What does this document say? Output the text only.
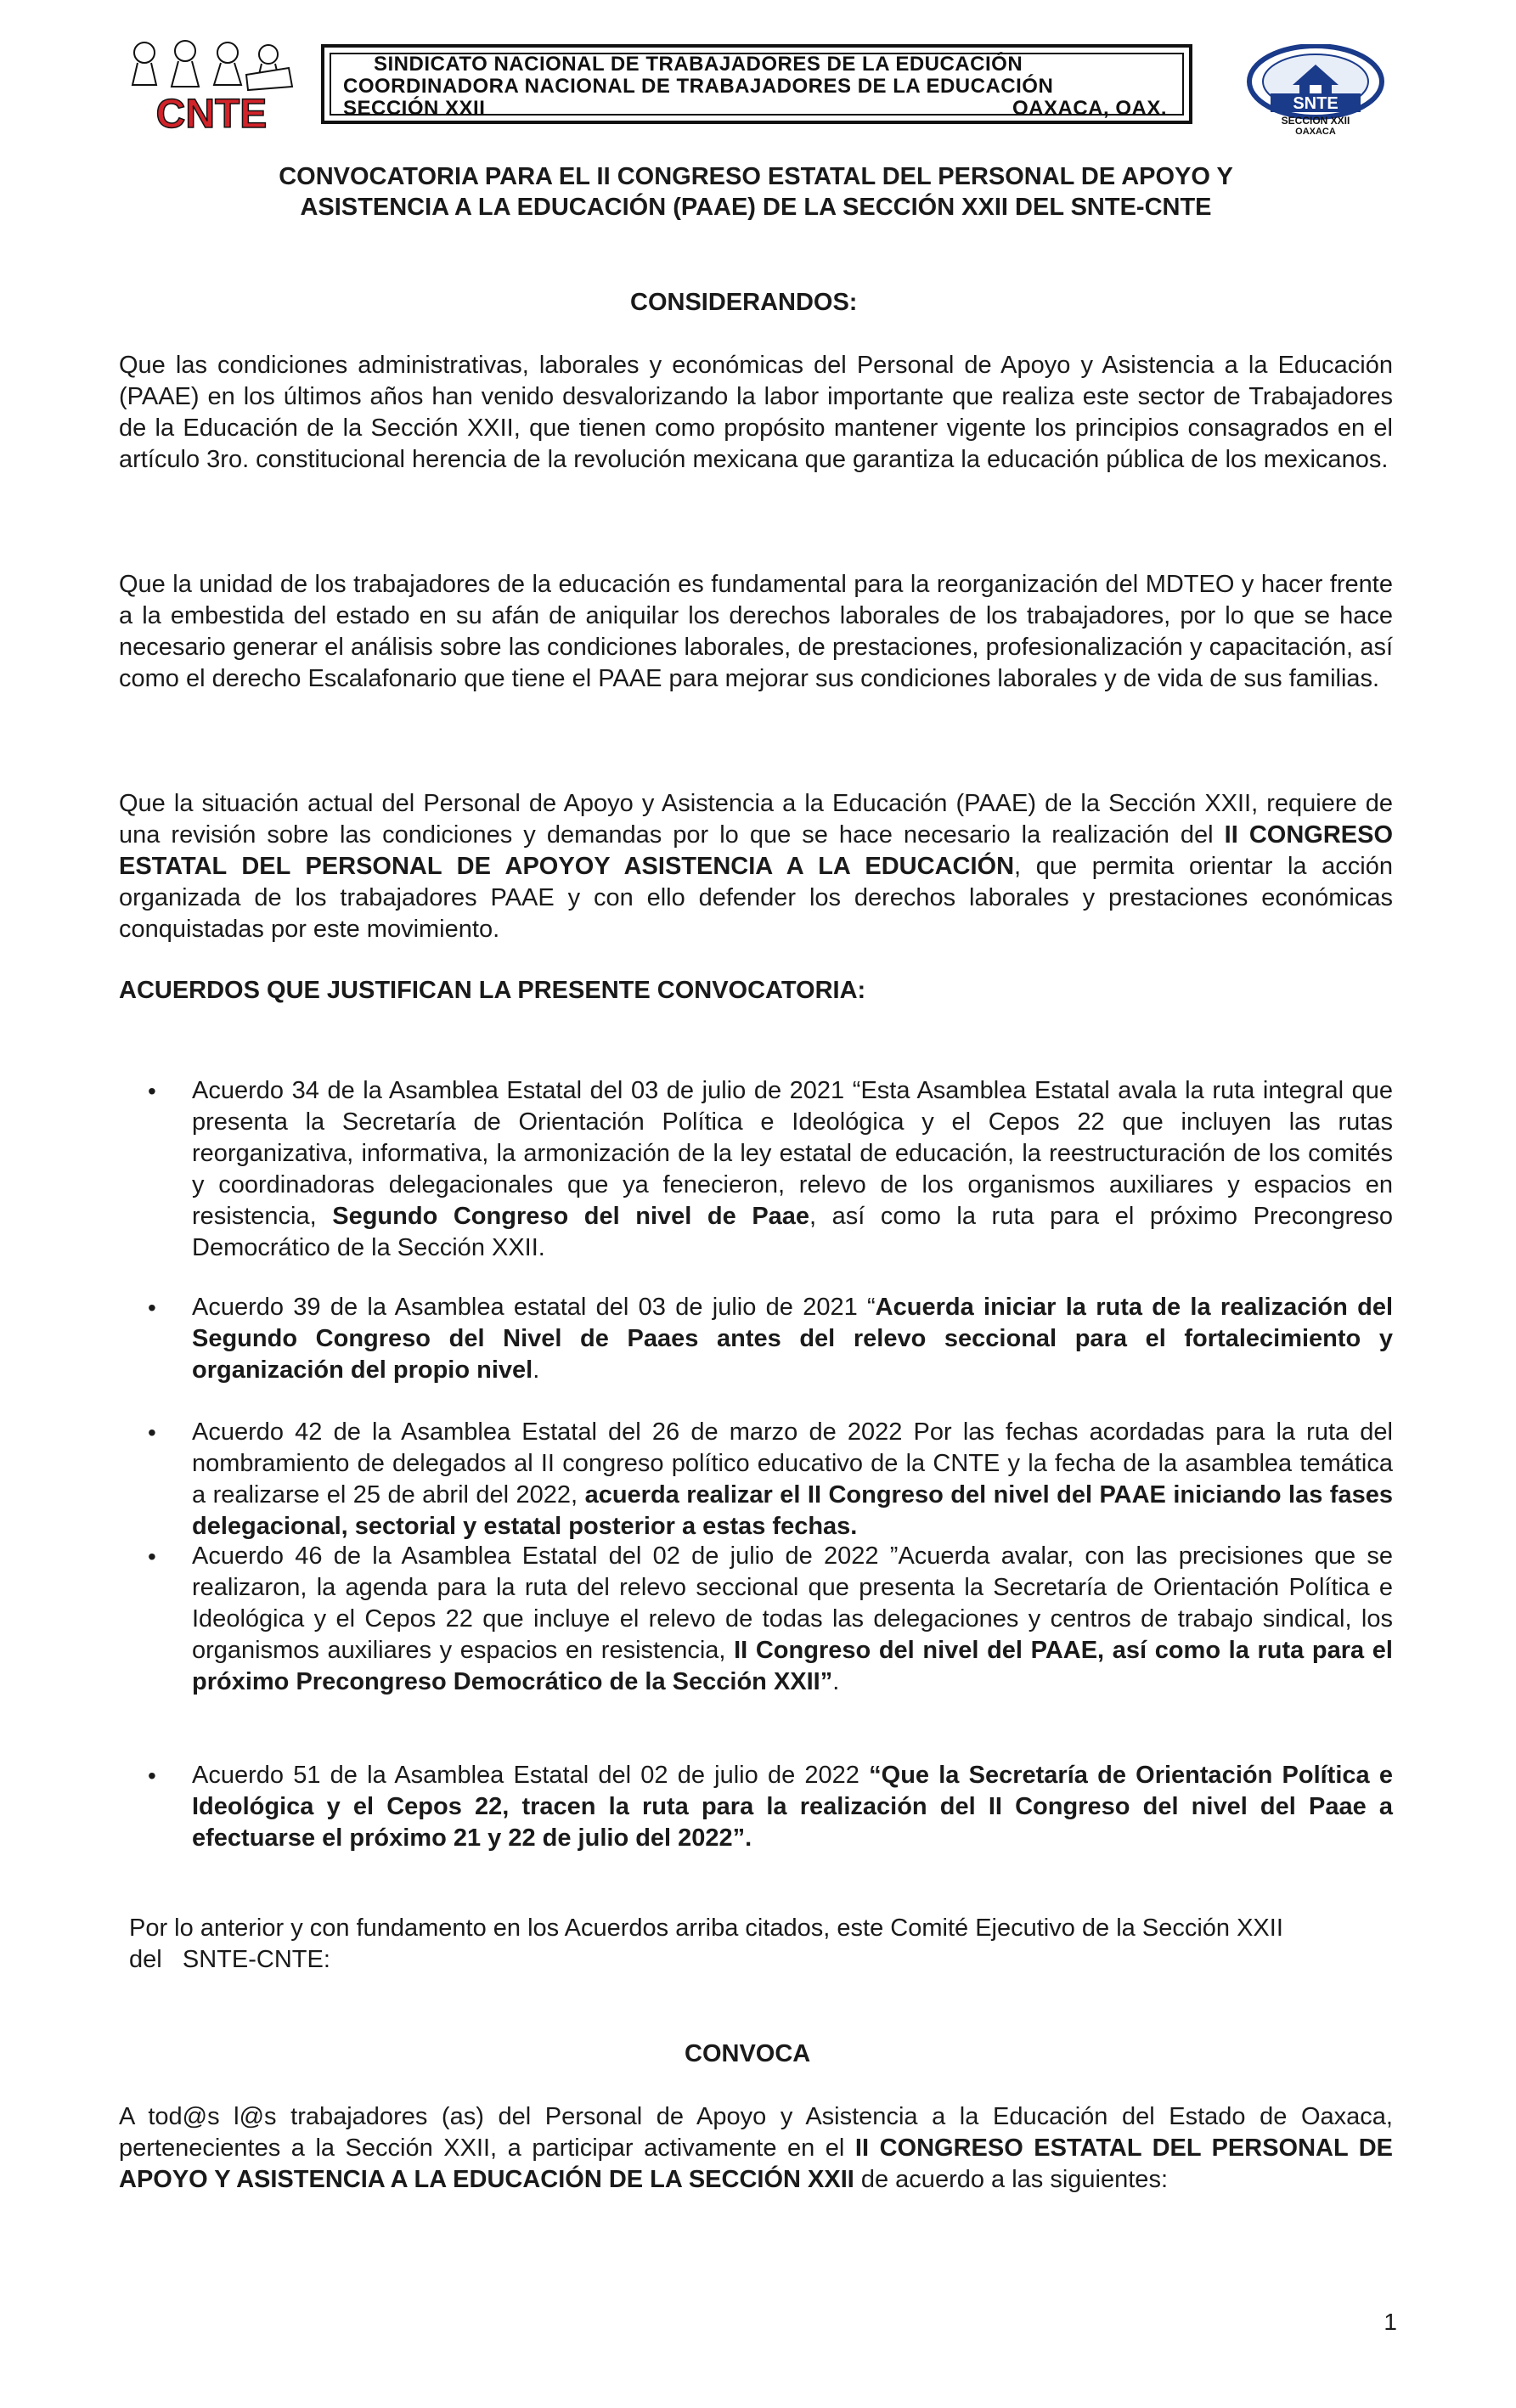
CNTE
SINDICATO NACIONAL DE TRABAJADORES DE LA EDUCACIÓN
COORDINADORA NACIONAL DE TRABAJADORES DE LA EDUCACIÓN
SECCIÓN XXII	OAXACA, OAX.	SNTE
SECCION XXII
OAXACA
CONVOCATORIA PARA EL II CONGRESO ESTATAL DEL PERSONAL DE APOYO Y
ASISTENCIA A LA EDUCACIÓN (PAAE) DE LA SECCIÓN XXII DEL SNTE-CNTE
CONSIDERANDOS:
Que las condiciones administrativas, laborales y económicas del Personal de Apoyo y Asistencia a la Educación (PAAE) en los últimos años han venido desvalorizando la labor importante que realiza este sector de Trabajadores de la Educación de la Sección XXII, que tienen como propósito mantener vigente los principios consagrados en el artículo 3ro. constitucional herencia de la revolución mexicana que garantiza la educación pública de los mexicanos.
Que la unidad de los trabajadores de la educación es fundamental para la reorganización del MDTEO y hacer frente a la embestida del estado en su afán de aniquilar los derechos laborales de los trabajadores, por lo que se hace necesario generar el análisis sobre las condiciones laborales, de prestaciones, profesionalización y capacitación, así como el derecho Escalafonario que tiene el PAAE para mejorar sus condiciones laborales y de vida de sus familias.
Que la situación actual del Personal de Apoyo y Asistencia a la Educación (PAAE) de la Sección XXII, requiere de una revisión sobre las condiciones y demandas por lo que se hace necesario la realización del II CONGRESO ESTATAL DEL PERSONAL DE APOYOY ASISTENCIA A LA EDUCACIÓN, que permita orientar la acción organizada de los trabajadores PAAE y con ello defender los derechos laborales y prestaciones económicas conquistadas por este movimiento.
ACUERDOS QUE JUSTIFICAN LA PRESENTE CONVOCATORIA:
• Acuerdo 34 de la Asamblea Estatal del 03 de julio de 2021 “Esta Asamblea Estatal avala la ruta integral que presenta la Secretaría de Orientación Política e Ideológica y el Cepos 22 que incluyen las rutas reorganizativa, informativa, la armonización de la ley estatal de educación, la reestructuración de los comités y coordinadoras delegacionales que ya fenecieron, relevo de los organismos auxiliares y espacios en resistencia, Segundo Congreso del nivel de Paae, así como la ruta para el próximo Precongreso Democrático de la Sección XXII.
• Acuerdo 39 de la Asamblea estatal del 03 de julio de 2021 “Acuerda iniciar la ruta de la realización del Segundo Congreso del Nivel de Paaes antes del relevo seccional para el fortalecimiento y organización del propio nivel.
• Acuerdo 42 de la Asamblea Estatal del 26 de marzo de 2022 Por las fechas acordadas para la ruta del nombramiento de delegados al II congreso político educativo de la CNTE y la fecha de la asamblea temática a realizarse el 25 de abril del 2022, acuerda realizar el II Congreso del nivel del PAAE iniciando las fases delegacional, sectorial y estatal posterior a estas fechas.
• Acuerdo 46 de la Asamblea Estatal del 02 de julio de 2022 ”Acuerda avalar, con las precisiones que se realizaron, la agenda para la ruta del relevo seccional que presenta la Secretaría de Orientación Política e Ideológica y el Cepos 22 que incluye el relevo de todas las delegaciones y centros de trabajo sindical, los organismos auxiliares y espacios en resistencia, II Congreso del nivel del PAAE, así como la ruta para el próximo Precongreso Democrático de la Sección XXII”.
• Acuerdo 51 de la Asamblea Estatal del 02 de julio de 2022 “Que la Secretaría de Orientación Política e Ideológica y el Cepos 22, tracen la ruta para la realización del II Congreso del nivel del Paae a efectuarse el próximo 21 y 22 de julio del 2022”.
Por lo anterior y con fundamento en los Acuerdos arriba citados, este Comité Ejecutivo de la Sección XXII
del   SNTE-CNTE:
CONVOCA
A tod@s l@s trabajadores (as) del Personal de Apoyo y Asistencia a la Educación del Estado de Oaxaca, pertenecientes a la Sección XXII, a participar activamente en el II CONGRESO ESTATAL DEL PERSONAL DE APOYO Y ASISTENCIA A LA EDUCACIÓN DE LA SECCIÓN XXII de acuerdo a las siguientes:
1
